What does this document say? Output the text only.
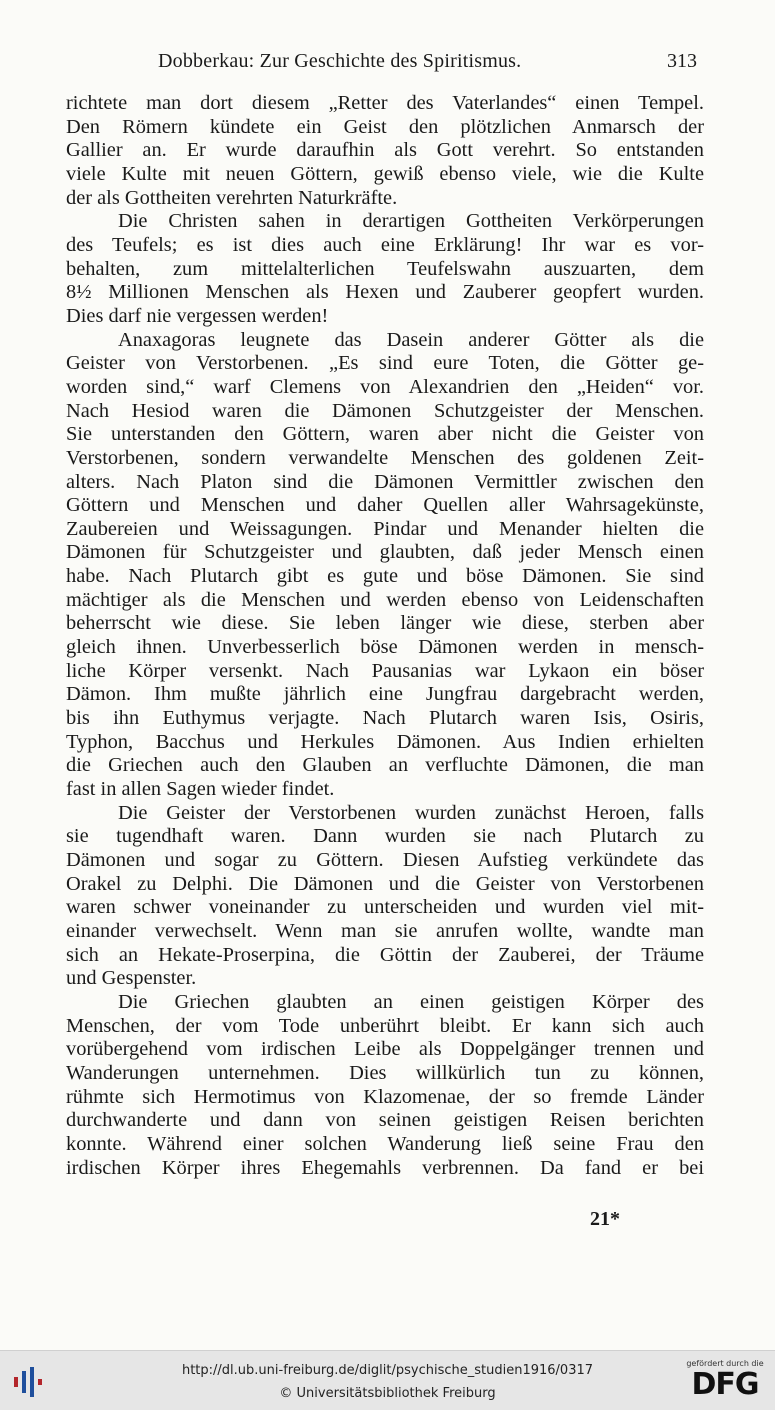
Dobberkau: Zur Geschichte des Spiritismus.	313
richtete man dort diesem „Retter des Vaterlandes“ einen Tempel.
Den Römern kündete ein Geist den plötzlichen Anmarsch der
Gallier an. Er wurde daraufhin als Gott verehrt. So entstanden
viele Kulte mit neuen Göttern, gewiß ebenso viele, wie die Kulte
der als Gottheiten verehrten Naturkräfte.
Die Christen sahen in derartigen Gottheiten Verkörperungen
des Teufels; es ist dies auch eine Erklärung! Ihr war es vor-
behalten, zum mittelalterlichen Teufelswahn auszuarten, dem
8½ Millionen Menschen als Hexen und Zauberer geopfert wurden.
Dies darf nie vergessen werden!
Anaxagoras leugnete das Dasein anderer Götter als die
Geister von Verstorbenen. „Es sind eure Toten, die Götter ge-
worden sind,“ warf Clemens von Alexandrien den „Heiden“ vor.
Nach Hesiod waren die Dämonen Schutzgeister der Menschen.
Sie unterstanden den Göttern, waren aber nicht die Geister von
Verstorbenen, sondern verwandelte Menschen des goldenen Zeit-
alters. Nach Platon sind die Dämonen Vermittler zwischen den
Göttern und Menschen und daher Quellen aller Wahrsagekünste,
Zaubereien und Weissagungen. Pindar und Menander hielten die
Dämonen für Schutzgeister und glaubten, daß jeder Mensch einen
habe. Nach Plutarch gibt es gute und böse Dämonen. Sie sind
mächtiger als die Menschen und werden ebenso von Leidenschaften
beherrscht wie diese. Sie leben länger wie diese, sterben aber
gleich ihnen. Unverbesserlich böse Dämonen werden in mensch-
liche Körper versenkt. Nach Pausanias war Lykaon ein böser
Dämon. Ihm mußte jährlich eine Jungfrau dargebracht werden,
bis ihn Euthymus verjagte. Nach Plutarch waren Isis, Osiris,
Typhon, Bacchus und Herkules Dämonen. Aus Indien erhielten
die Griechen auch den Glauben an verfluchte Dämonen, die man
fast in allen Sagen wieder findet.
Die Geister der Verstorbenen wurden zunächst Heroen, falls
sie tugendhaft waren. Dann wurden sie nach Plutarch zu
Dämonen und sogar zu Göttern. Diesen Aufstieg verkündete das
Orakel zu Delphi. Die Dämonen und die Geister von Verstorbenen
waren schwer voneinander zu unterscheiden und wurden viel mit-
einander verwechselt. Wenn man sie anrufen wollte, wandte man
sich an Hekate-Proserpina, die Göttin der Zauberei, der Träume
und Gespenster.
Die Griechen glaubten an einen geistigen Körper des
Menschen, der vom Tode unberührt bleibt. Er kann sich auch
vorübergehend vom irdischen Leibe als Doppelgänger trennen und
Wanderungen unternehmen. Dies willkürlich tun zu können,
rühmte sich Hermotimus von Klazomenae, der so fremde Länder
durchwanderte und dann von seinen geistigen Reisen berichten
konnte. Während einer solchen Wanderung ließ seine Frau den
irdischen Körper ihres Ehegemahls verbrennen. Da fand er bei
21*
http://dl.ub.uni-freiburg.de/diglit/psychische_studien1916/0317
© Universitätsbibliothek Freiburg
gefördert durch die
DFG
